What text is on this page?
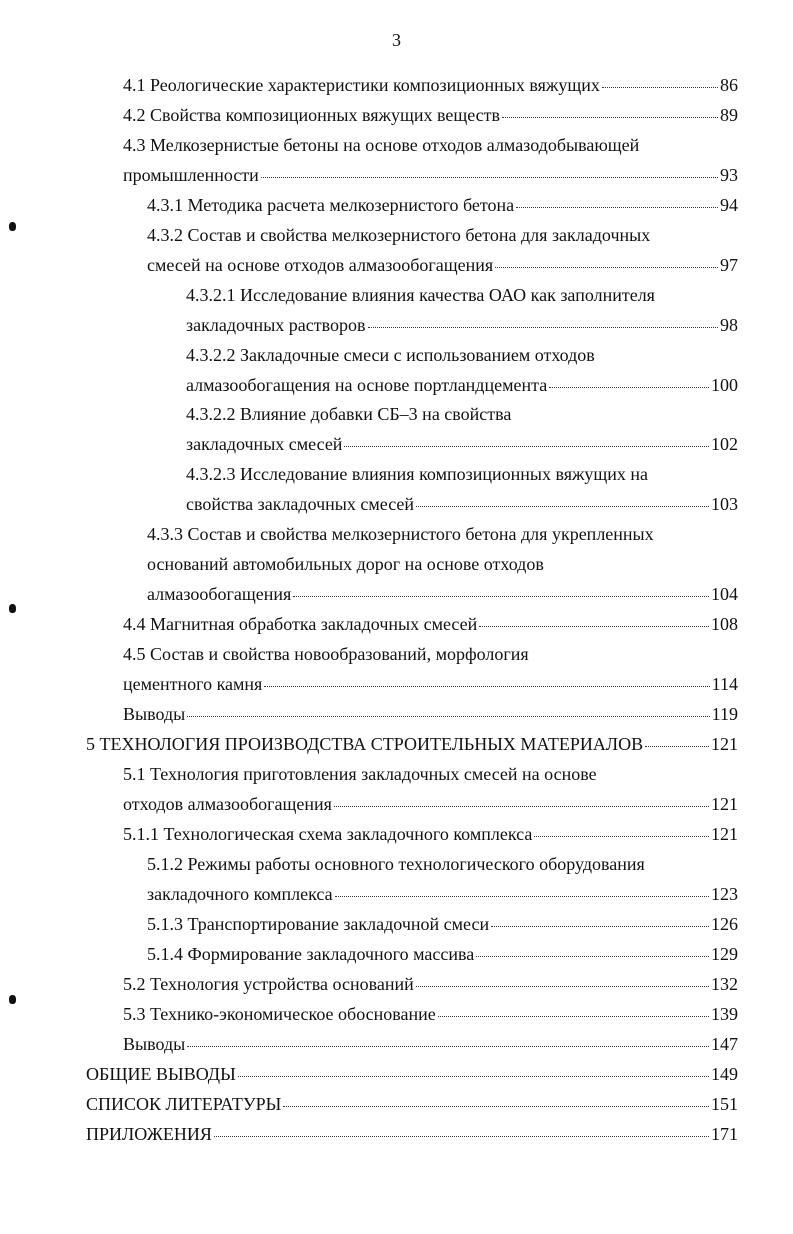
3
4.1 Реологические характеристики композиционных вяжущих	86
4.2 Свойства композиционных вяжущих веществ	89
4.3 Мелкозернистые бетоны на основе отходов алмазодобывающей
промышленности	93
4.3.1 Методика расчета мелкозернистого бетона	94
4.3.2 Состав и свойства мелкозернистого бетона для закладочных
смесей на основе отходов алмазообогащения	97
4.3.2.1 Исследование влияния качества ОАО как заполнителя
закладочных растворов	98
4.3.2.2 Закладочные смеси с использованием отходов
алмазообогащения на основе портландцемента	100
4.3.2.2 Влияние добавки СБ–3 на свойства
закладочных смесей	102
4.3.2.3 Исследование влияния композиционных вяжущих на
свойства закладочных смесей	103
4.3.3 Состав и свойства мелкозернистого бетона для укрепленных
оснований автомобильных дорог на основе отходов
алмазообогащения	104
4.4 Магнитная обработка закладочных смесей	108
4.5 Состав и свойства новообразований, морфология
цементного камня	114
Выводы	119
5 ТЕХНОЛОГИЯ ПРОИЗВОДСТВА СТРОИТЕЛЬНЫХ МАТЕРИАЛОВ	121
5.1 Технология приготовления закладочных смесей на основе
отходов алмазообогащения	121
5.1.1 Технологическая схема закладочного комплекса	121
5.1.2 Режимы работы основного технологического оборудования
закладочного комплекса	123
5.1.3 Транспортирование закладочной смеси	126
5.1.4 Формирование закладочного массива	129
5.2 Технология устройства оснований	132
5.3 Технико-экономическое обоснование	139
Выводы	147
ОБЩИЕ ВЫВОДЫ	149
СПИСОК ЛИТЕРАТУРЫ	151
ПРИЛОЖЕНИЯ	171
